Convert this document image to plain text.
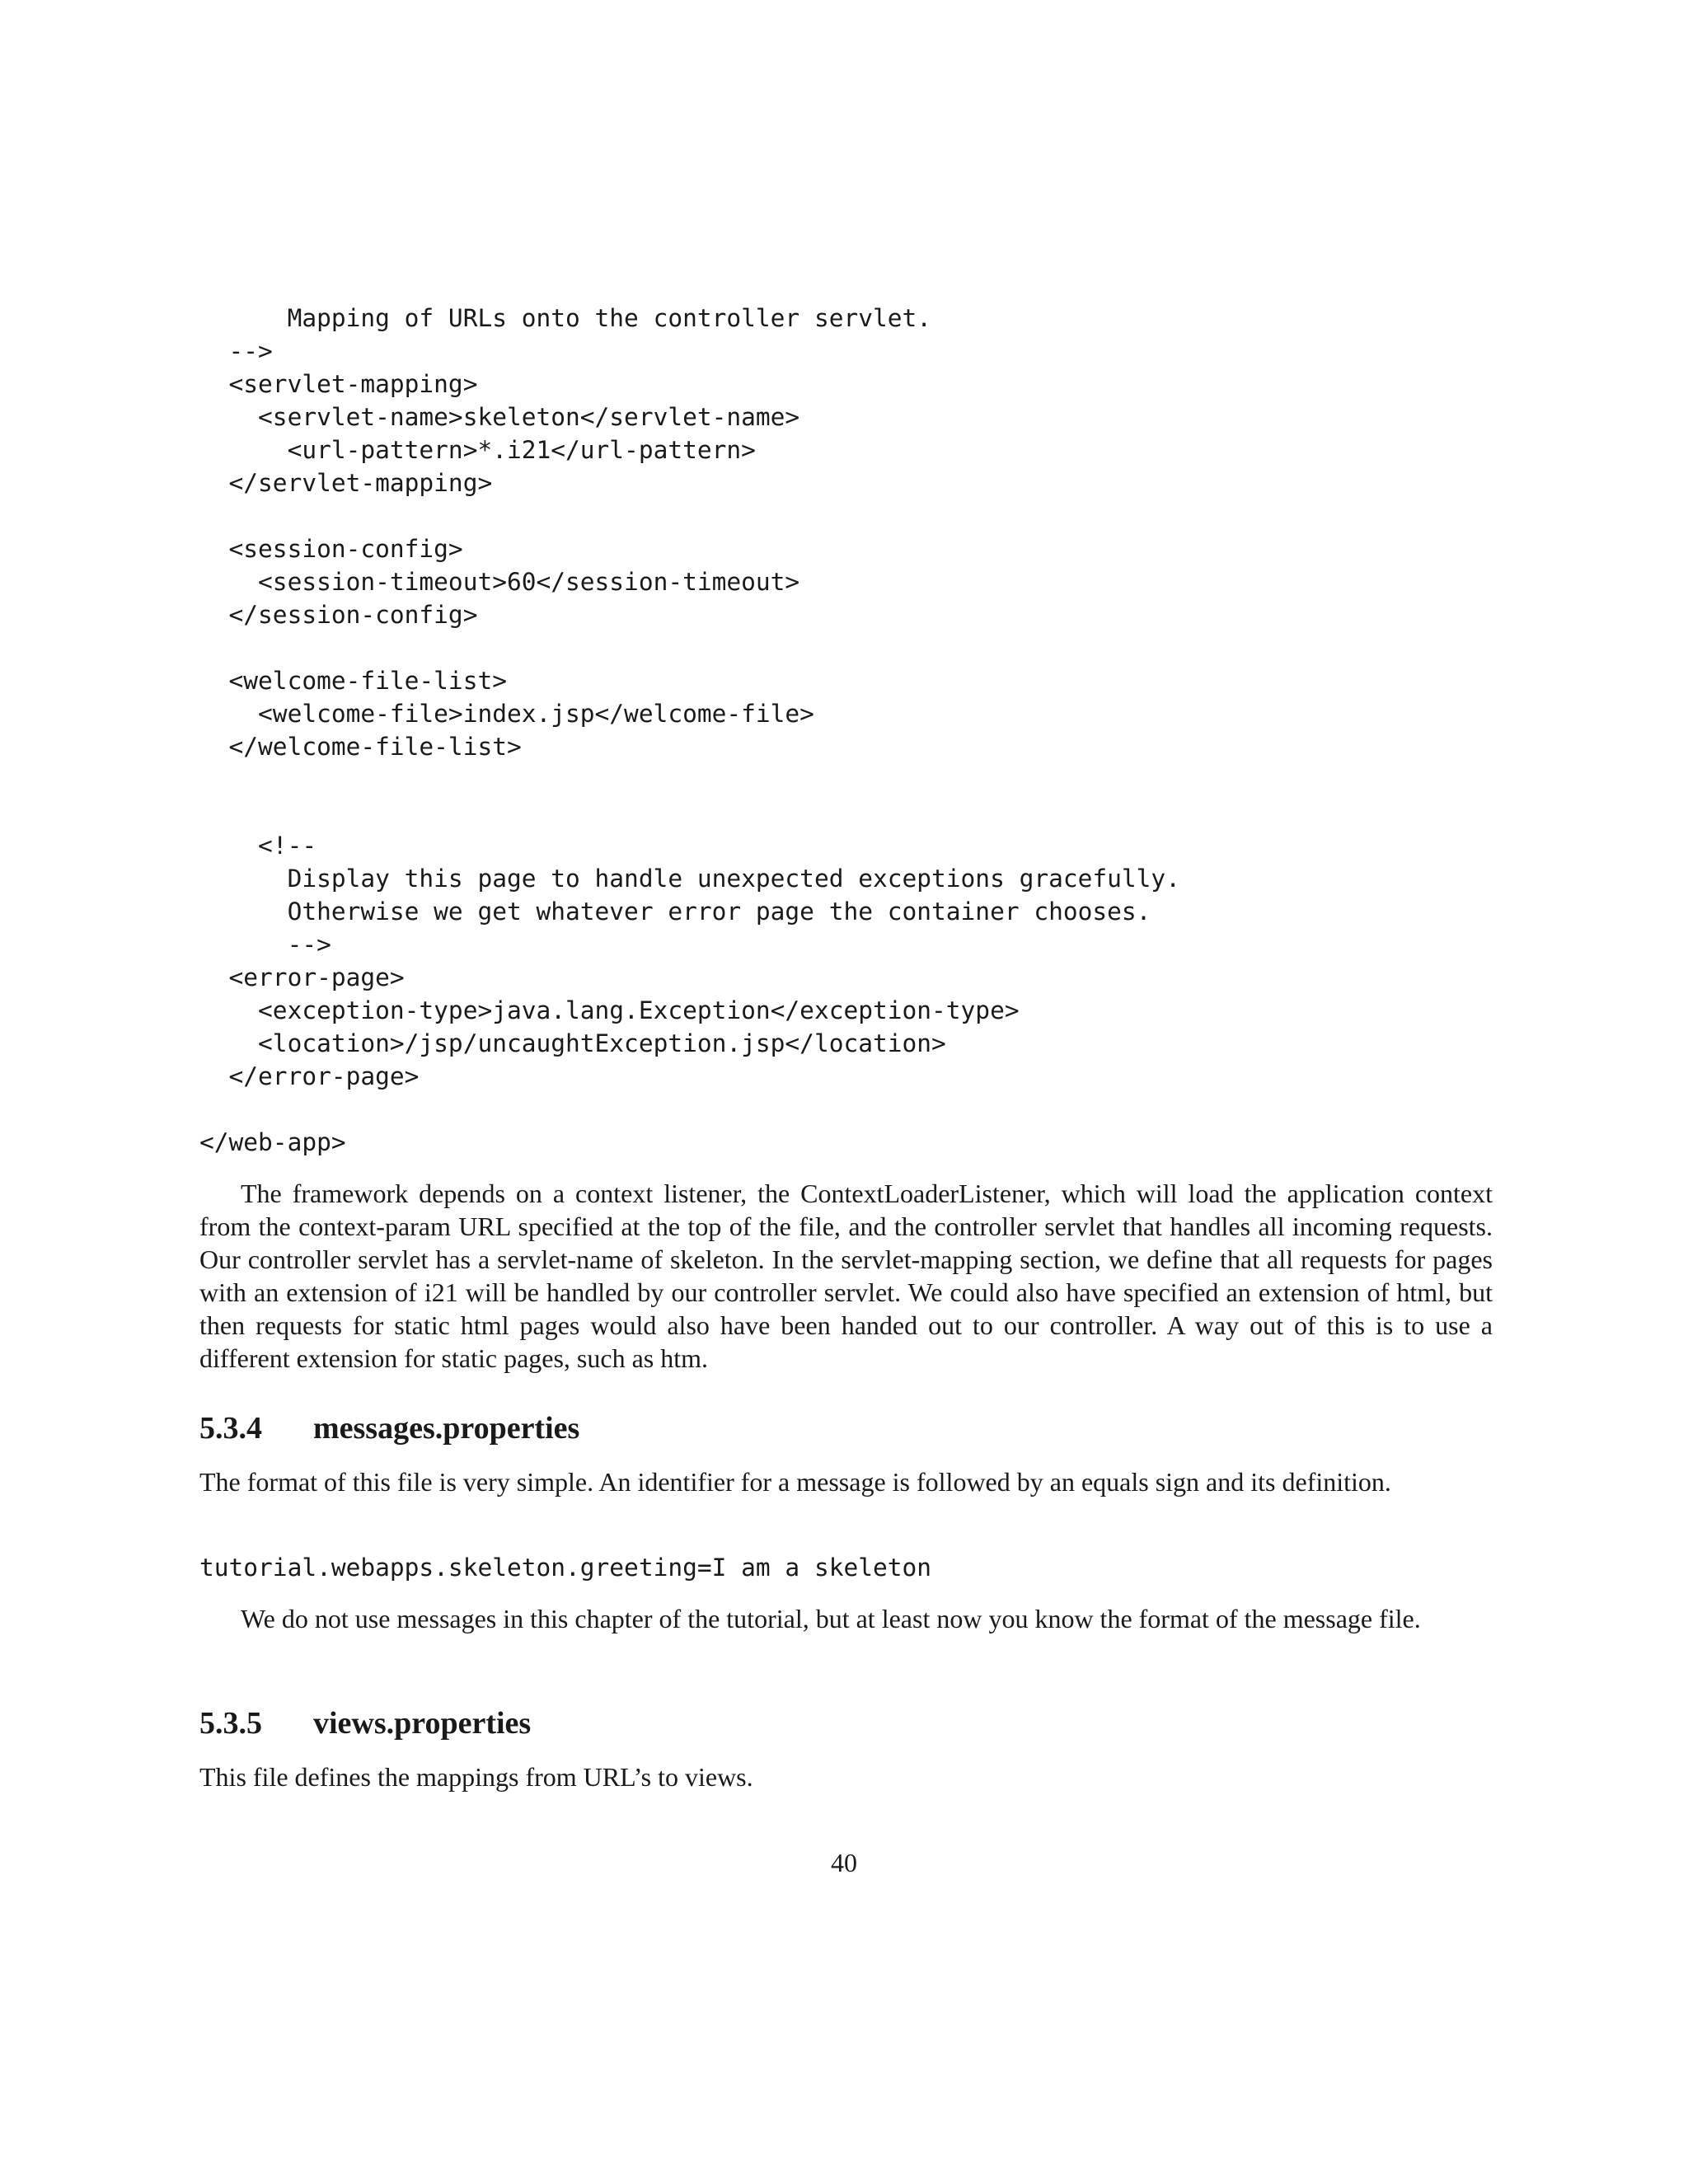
Mapping of URLs onto the controller servlet.
-->
<servlet-mapping>
<servlet-name>skeleton</servlet-name>
<url-pattern>*.i21</url-pattern>
</servlet-mapping>
<session-config>
<session-timeout>60</session-timeout>
</session-config>
<welcome-file-list>
<welcome-file>index.jsp</welcome-file>
</welcome-file-list>
<!--
Display this page to handle unexpected exceptions gracefully.
Otherwise we get whatever error page the container chooses.
-->
<error-page>
<exception-type>java.lang.Exception</exception-type>
<location>/jsp/uncaughtException.jsp</location>
</error-page>
</web-app>

The framework depends on a context listener, the ContextLoaderListener, which will load the application context from the context-param URL specified at the top of the file, and the controller servlet that handles all incoming requests. Our controller servlet has a servlet-name of skeleton. In the servlet-mapping section, we define that all requests for pages with an extension of i21 will be handled by our controller servlet. We could also have specified an extension of html, but then requests for static html pages would also have been handed out to our controller. A way out of this is to use a different extension for static pages, such as htm.

5.3.4 messages.properties

The format of this file is very simple. An identifier for a message is followed by an equals sign and its definition.

tutorial.webapps.skeleton.greeting=I am a skeleton

We do not use messages in this chapter of the tutorial, but at least now you know the format of the message file.

5.3.5 views.properties

This file defines the mappings from URL’s to views.

40
